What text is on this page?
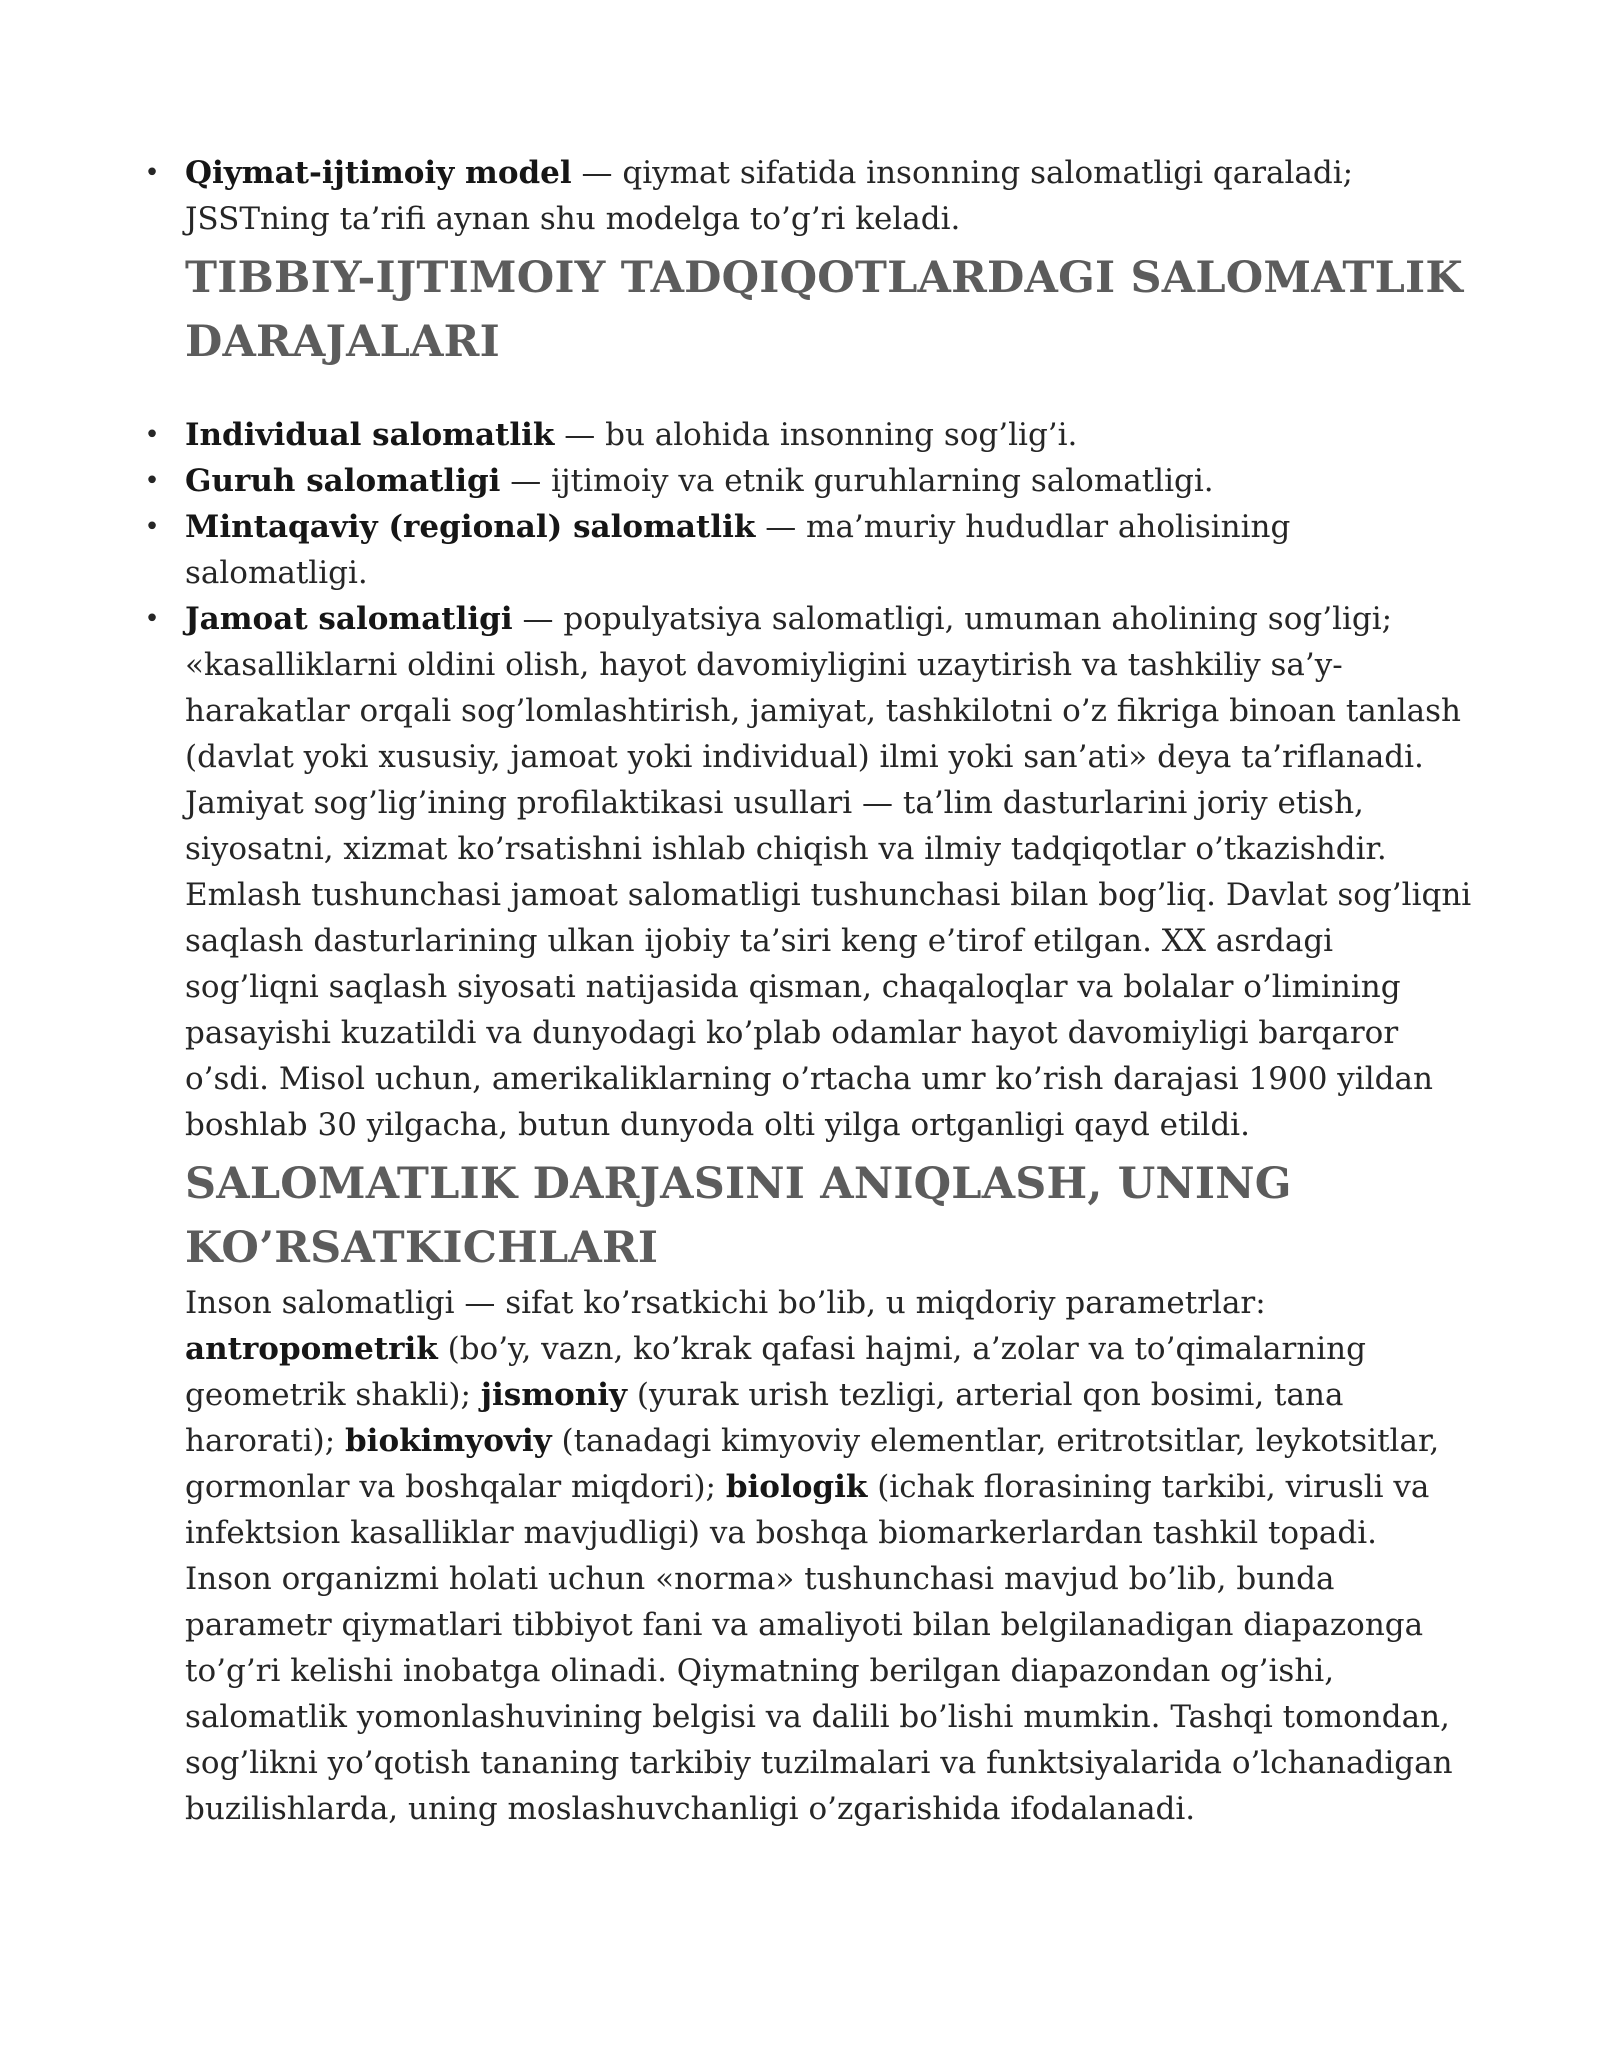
• Qiymat-ijtimoiy model — qiymat sifatida insonning salomatligi qaraladi; JSSTning ta’rifi aynan shu modelga to’g’ri keladi.
TIBBIY-IJTIMOIY TADQIQOTLARDAGI SALOMATLIK DARAJALARI
• Individual salomatlik — bu alohida insonning sog’lig’i.
• Guruh salomatligi — ijtimoiy va etnik guruhlarning salomatligi.
• Mintaqaviy (regional) salomatlik — ma’muriy hududlar aholisining salomatligi.
• Jamoat salomatligi — populyatsiya salomatligi, umuman aholining sog’ligi; «kasalliklarni oldini olish, hayot davomiyligini uzaytirish va tashkiliy sa’y-harakatlar orqali sog’lomlashtirish, jamiyat, tashkilotni o’z fikriga binoan tanlash (davlat yoki xususiy, jamoat yoki individual) ilmi yoki san’ati» deya ta’riflanadi. Jamiyat sog’lig’ining profilaktikasi usullari — ta’lim dasturlarini joriy etish, siyosatni, xizmat ko’rsatishni ishlab chiqish va ilmiy tadqiqotlar o’tkazishdir. Emlash tushunchasi jamoat salomatligi tushunchasi bilan bog’liq. Davlat sog’liqni saqlash dasturlarining ulkan ijobiy ta’siri keng e’tirof etilgan. XX asrdagi sog’liqni saqlash siyosati natijasida qisman, chaqaloqlar va bolalar o’limining pasayishi kuzatildi va dunyodagi ko’plab odamlar hayot davomiyligi barqaror o’sdi. Misol uchun, amerikaliklarning o’rtacha umr ko’rish darajasi 1900 yildan boshlab 30 yilgacha, butun dunyoda olti yilga ortganligi qayd etildi.
SALOMATLIK DARJASINI ANIQLASH, UNING KO’RSATKICHLARI

Inson salomatligi — sifat ko’rsatkichi bo’lib, u miqdoriy parametrlar: antropometrik (bo’y, vazn, ko’krak qafasi hajmi, a’zolar va to’qimalarning geometrik shakli); jismoniy (yurak urish tezligi, arterial qon bosimi, tana harorati); biokimyoviy (tanadagi kimyoviy elementlar, eritrotsitlar, leykotsitlar, gormonlar va boshqalar miqdori); biologik (ichak florasining tarkibi, virusli va infektsion kasalliklar mavjudligi) va boshqa biomarkerlardan tashkil topadi.

Inson organizmi holati uchun «norma» tushunchasi mavjud bo’lib, bunda parametr qiymatlari tibbiyot fani va amaliyoti bilan belgilanadigan diapazonga to’g’ri kelishi inobatga olinadi. Qiymatning berilgan diapazondan og’ishi, salomatlik yomonlashuvining belgisi va dalili bo’lishi mumkin. Tashqi tomondan, sog’likni yo’qotish tananing tarkibiy tuzilmalari va funktsiyalarida o’lchanadigan buzilishlarda, uning moslashuvchanligi o’zgarishida ifodalanadi.
